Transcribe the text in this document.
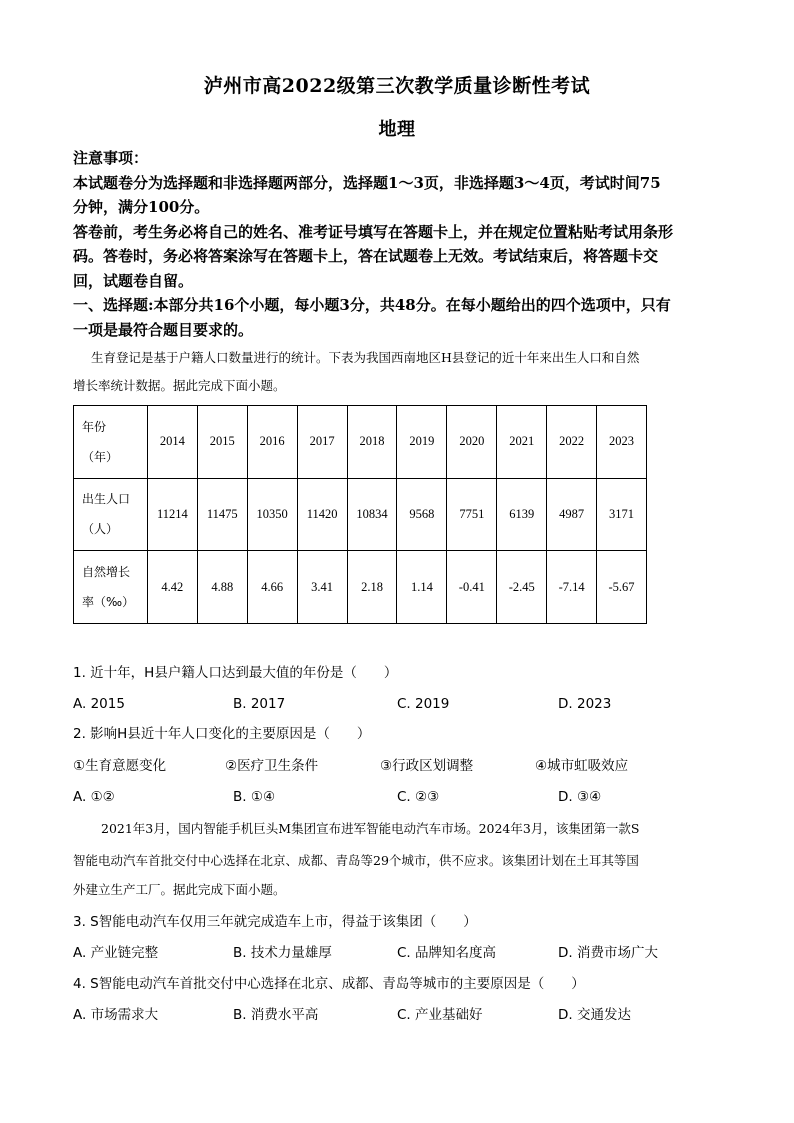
泸州市高2022级第三次教学质量诊断性考试
地理
注意事项：
本试题卷分为选择题和非选择题两部分，选择题1～3页，非选择题3～4页，考试时间75
分钟，满分100分。
答卷前，考生务必将自己的姓名、准考证号填写在答题卡上，并在规定位置粘贴考试用条形
码。答卷时，务必将答案涂写在答题卡上，答在试题卷上无效。考试结束后，将答题卡交
回，试题卷自留。
一、选择题:本部分共16个小题，每小题3分，共48分。在每小题给出的四个选项中，只有
一项是最符合题目要求的。
生育登记是基于户籍人口数量进行的统计。下表为我国西南地区H县登记的近十年来出生人口和自然
增长率统计数据。据此完成下面小题。
年份
（年）	2014	2015	2016	2017	2018	2019	2020	2021	2022	2023

出生人口
（人）	11214	11475	10350	11420	10834	9568	7751	6139	4987	3171

自然增长
率（‰）	4.42	4.88	4.66	3.41	2.18	1.14	-0.41	-2.45	-7.14	-5.67
1. 近十年，H县户籍人口达到最大值的年份是（　　）
A. 2015	B. 2017	C. 2019	D. 2023
2. 影响H县近十年人口变化的主要原因是（　　）
①生育意愿变化	②医疗卫生条件	③行政区划调整	④城市虹吸效应
A. ①②	B. ①④	C. ②③	D. ③④
2021年3月，国内智能手机巨头M集团宣布进军智能电动汽车市场。2024年3月，该集团第一款S
智能电动汽车首批交付中心选择在北京、成都、青岛等29个城市，供不应求。该集团计划在土耳其等国
外建立生产工厂。据此完成下面小题。
3. S智能电动汽车仅用三年就完成造车上市，得益于该集团（　　）
A. 产业链完整	B. 技术力量雄厚	C. 品牌知名度高	D. 消费市场广大
4. S智能电动汽车首批交付中心选择在北京、成都、青岛等城市的主要原因是（　　）
A. 市场需求大	B. 消费水平高	C. 产业基础好	D. 交通发达
